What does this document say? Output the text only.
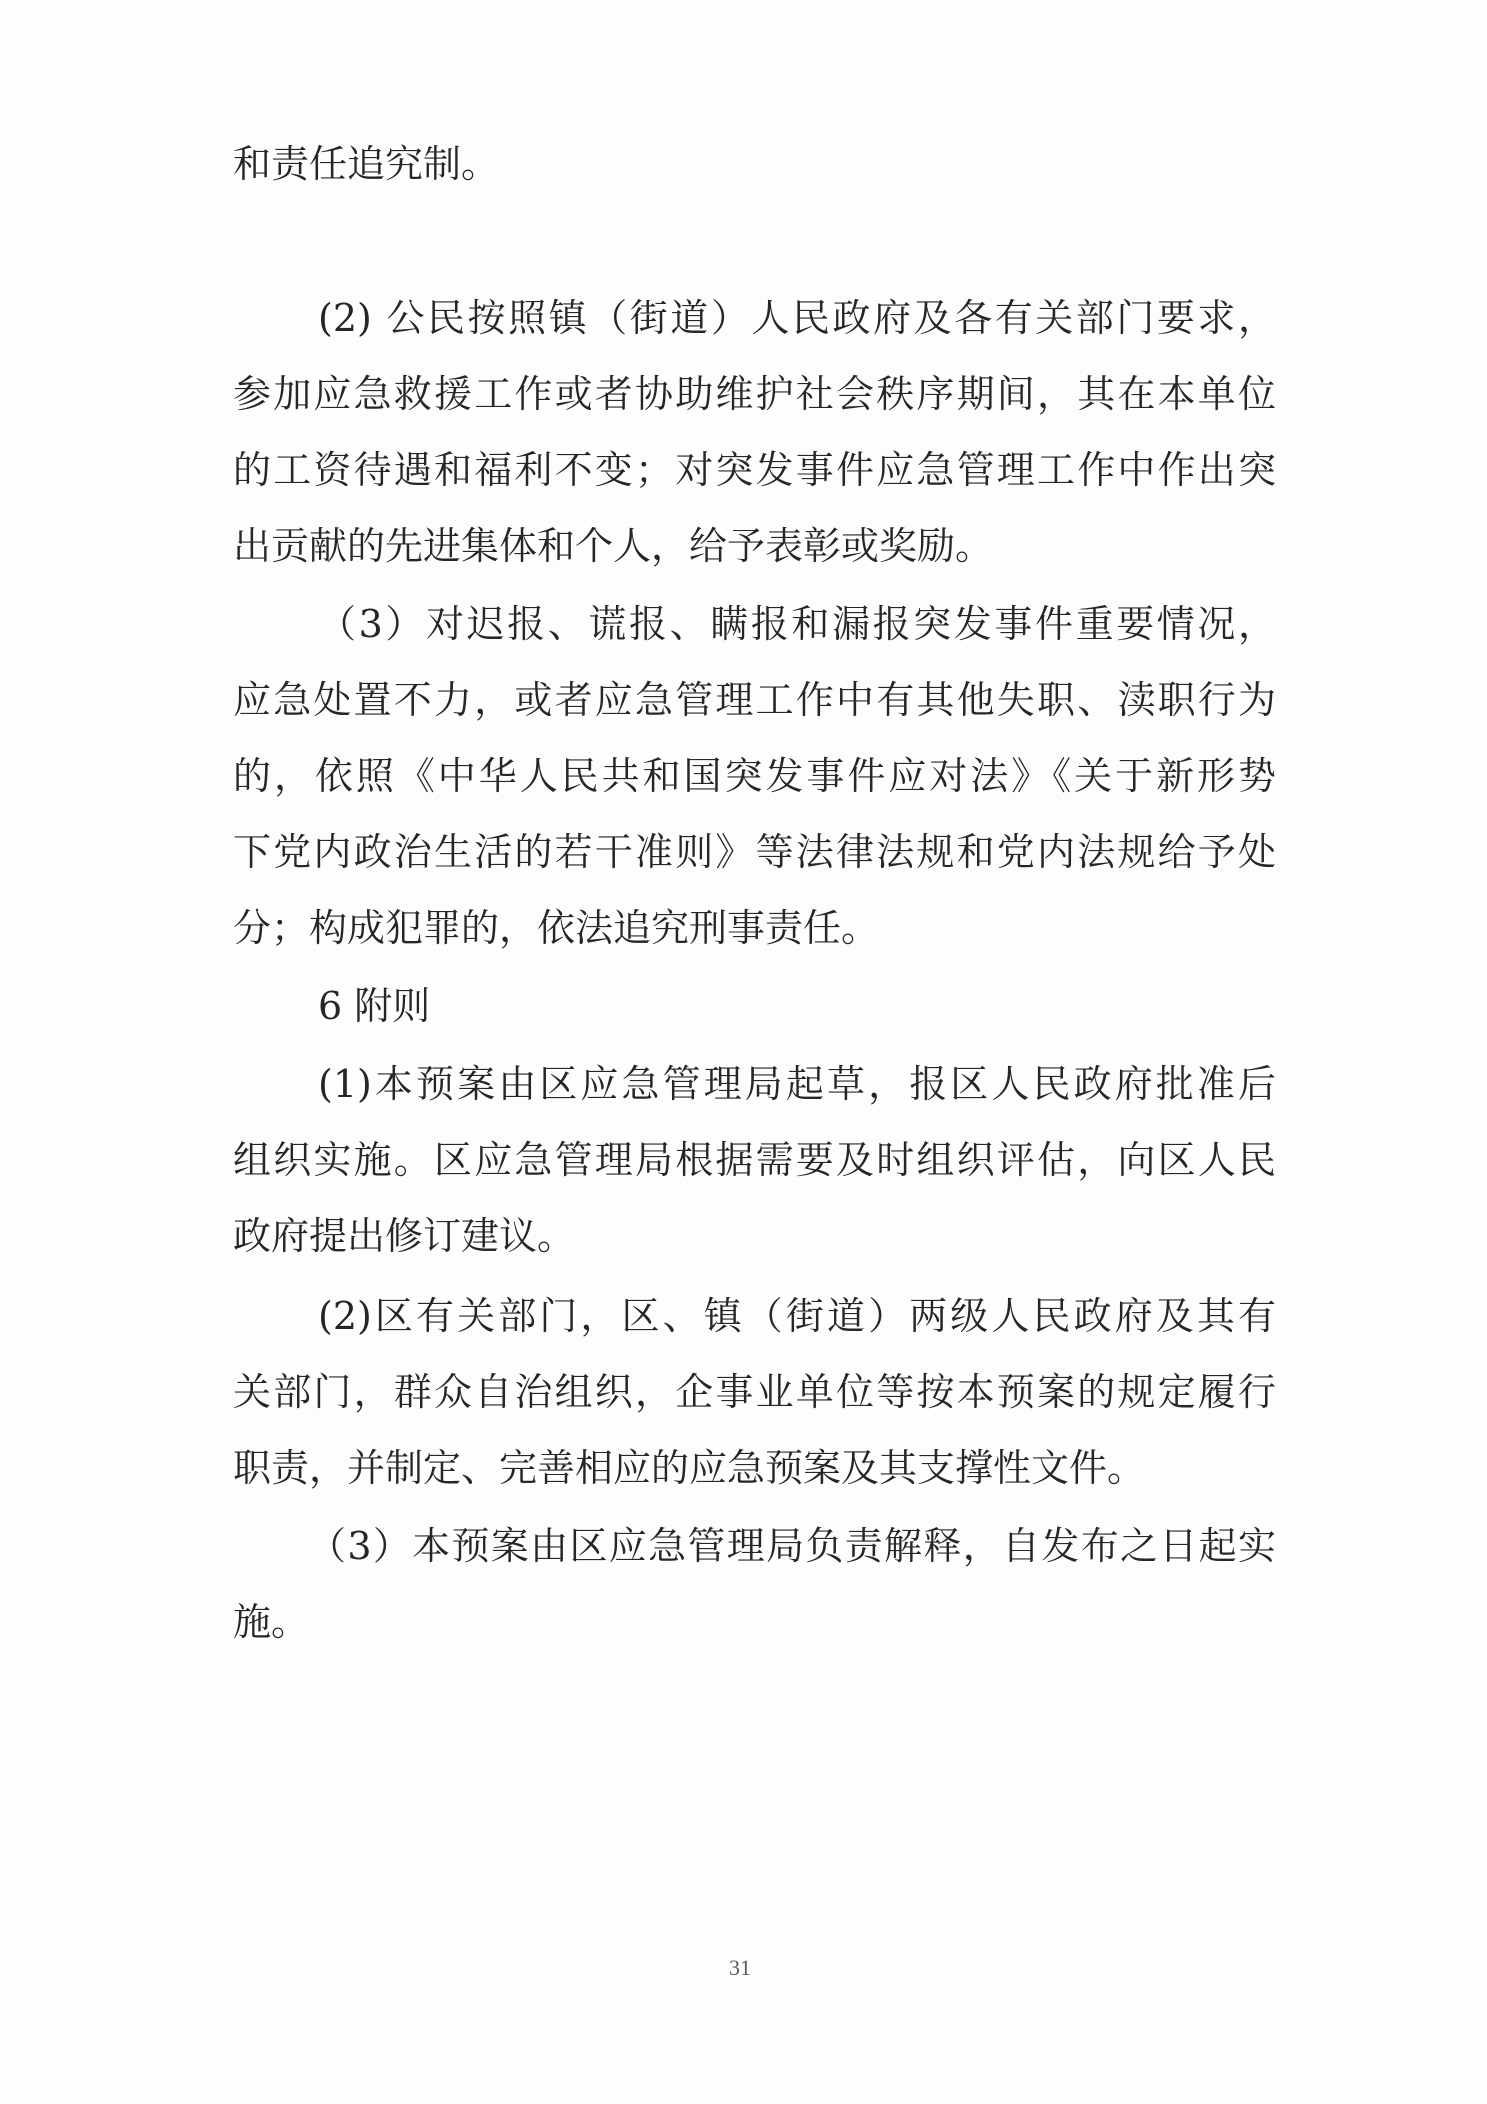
和责任追究制。

(2) 公民按照镇（街道）人民政府及各有关部门要求，

参加应急救援工作或者协助维护社会秩序期间，其在本单位

的工资待遇和福利不变；对突发事件应急管理工作中作出突

出贡献的先进集体和个人，给予表彰或奖励。

（3）对迟报、谎报、瞒报和漏报突发事件重要情况，

应急处置不力，或者应急管理工作中有其他失职、渎职行为

的，依照《中华人民共和国突发事件应对法》《关于新形势

下党内政治生活的若干准则》等法律法规和党内法规给予处

分；构成犯罪的，依法追究刑事责任。

6 附则

(1)本预案由区应急管理局起草，报区人民政府批准后

组织实施。区应急管理局根据需要及时组织评估，向区人民

政府提出修订建议。

(2)区有关部门，区、镇（街道）两级人民政府及其有

关部门，群众自治组织，企事业单位等按本预案的规定履行

职责，并制定、完善相应的应急预案及其支撑性文件。

（3）本预案由区应急管理局负责解释，自发布之日起实

施。

31
